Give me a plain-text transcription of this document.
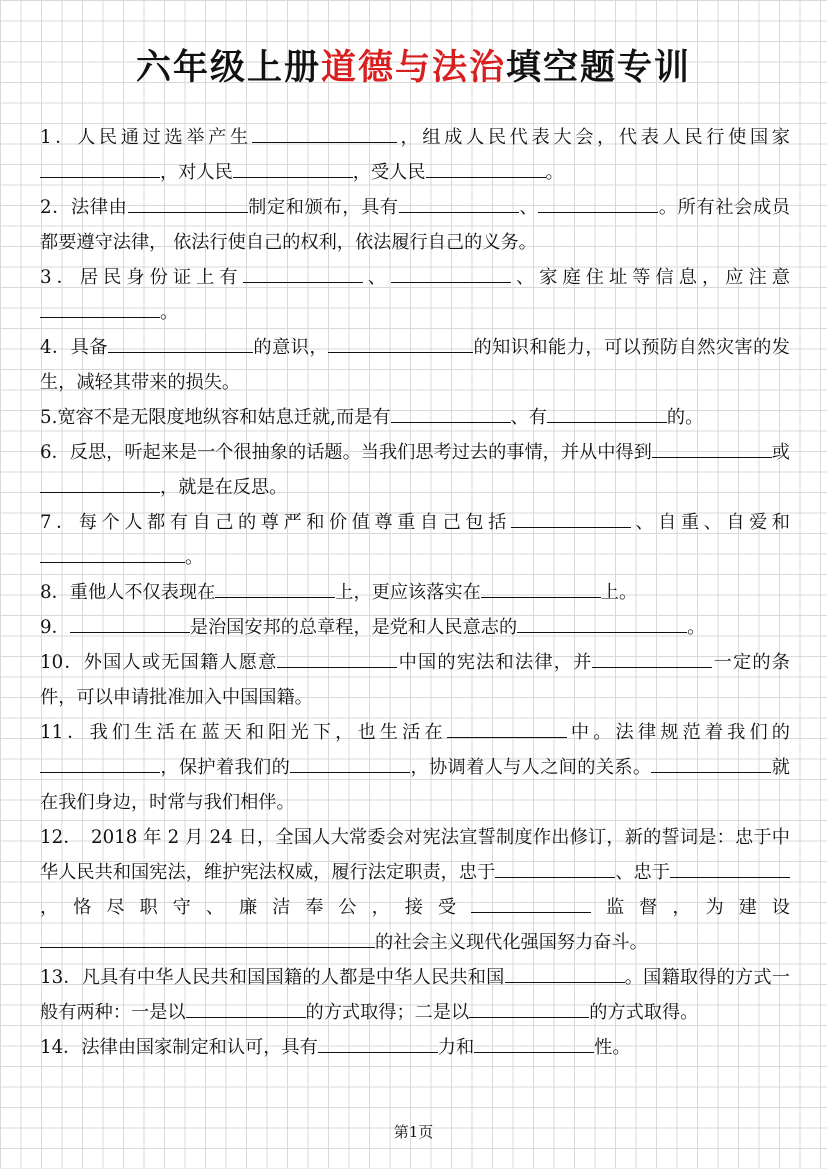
六年级上册道德与法治填空题专训
1．人民通过选举产生	，组成人民代表大会，代表人民行使国家，对人民	，受人民	。
2．法律由	制定和颁布，具有	、	。所有社会成员都要遵守法律， 依法行使自己的权利，依法履行自己的义务。
3．居民身份证上有	、	、家庭住址等信息，应注意。
4．具备	的意识，	的知识和能力，可以预防自然灾害的发生，减轻其带来的损失。
5.宽容不是无限度地纵容和姑息迁就,而是有	、有	的。
6．反思，听起来是一个很抽象的话题。当我们思考过去的事情，并从中得到	或，就是在反思。
7．每个人都有自己的尊严和价值尊重自己包括	、自重、自爱和。
8．重他人不仅表现在	上，更应该落实在	上。
9．	是治国安邦的总章程，是党和人民意志的	。
10．外国人或无国籍人愿意	中国的宪法和法律，并	一定的条件，可以申请批准加入中国国籍。
11．我们生活在蓝天和阳光下，也生活在	中。法律规范着我们的，保护着我们的	，协调着人与人之间的关系。	就在我们身边，时常与我们相伴。
12．　2018 年 2 月 24 日，全国人大常委会对宪法宣誓制度作出修订，新的誓词是：忠于中华人民共和国宪法，维护宪法权威，履行法定职责，忠于	、忠于，恪尽职守、廉洁奉公，接受	监督，为建设的社会主义现代化强国努力奋斗。
13．凡具有中华人民共和国国籍的人都是中华人民共和国	。国籍取得的方式一般有两种：一是以	的方式取得；二是以	的方式取得。
14．法律由国家制定和认可，具有	力和	性。
第1页
